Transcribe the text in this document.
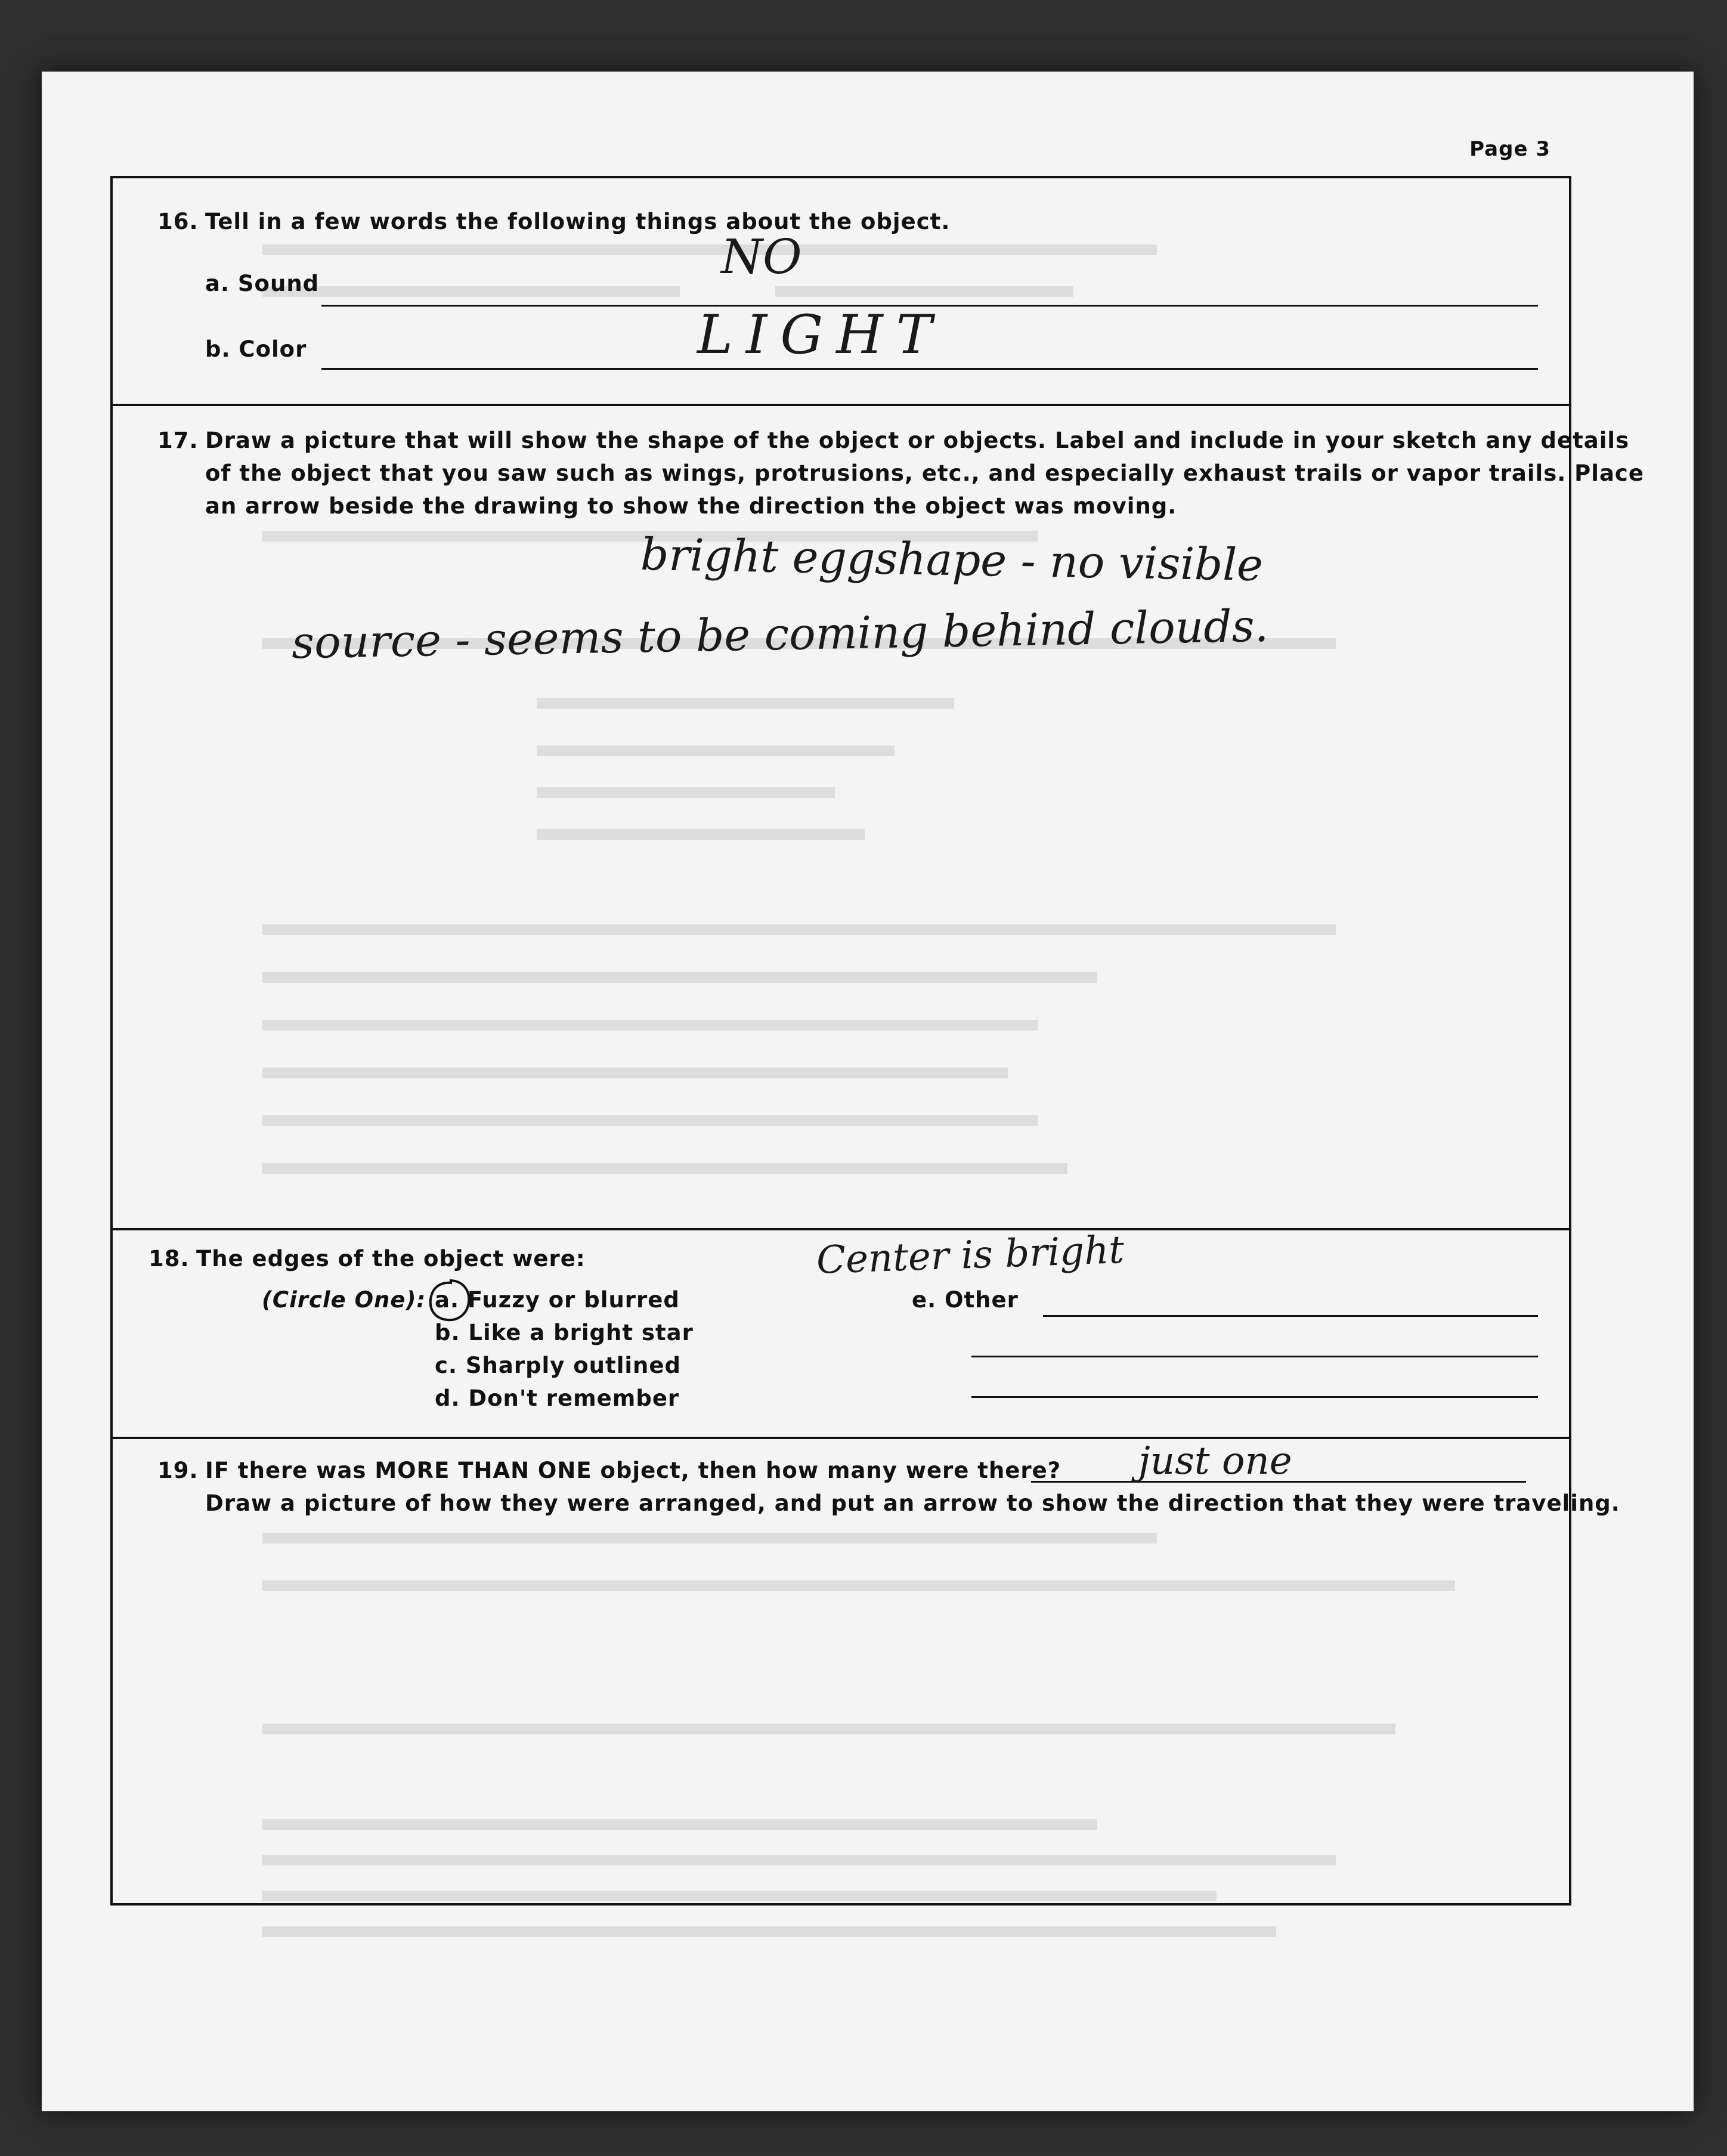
Page 3
16. Tell in a few words the following things about the object.
a. Sound	NO
b. Color	LIGHT
17. Draw a picture that will show the shape of the object or objects. Label and include in your sketch any details
of the object that you saw such as wings, protrusions, etc., and especially exhaust trails or vapor trails. Place
an arrow beside the drawing to show the direction the object was moving.
bright eggshape - no visible
source - seems to be coming behind clouds.
18. The edges of the object were:
(Circle One): a. Fuzzy or blurred
b. Like a bright star
c. Sharply outlined
d. Don't remember
e. Other
Center is bright
19. IF there was MORE THAN ONE object, then how many were there? just one
Draw a picture of how they were arranged, and put an arrow to show the direction that they were traveling.
